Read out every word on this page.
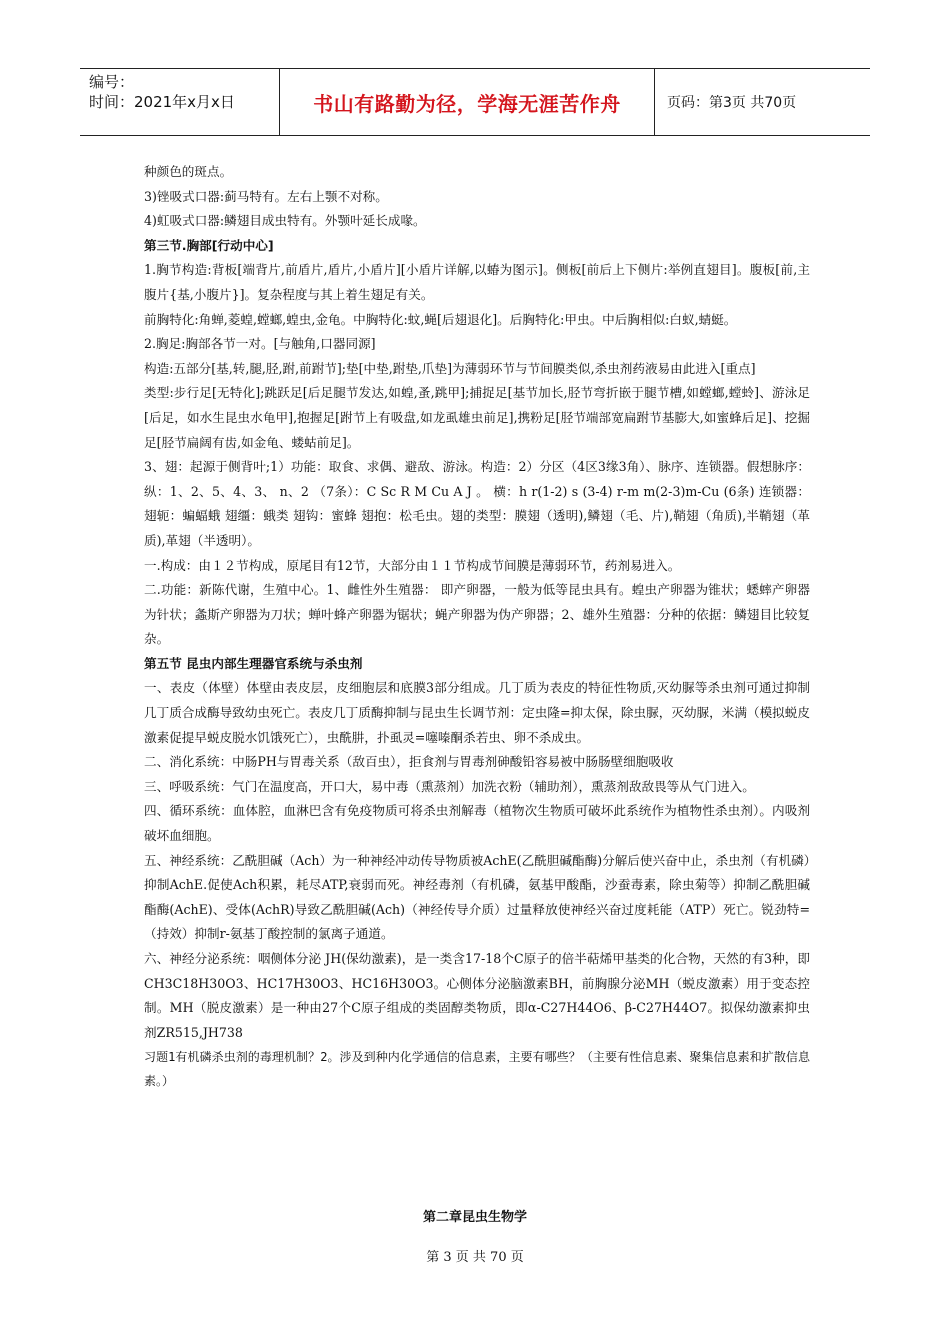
编号：
时间：2021年x月x日	书山有路勤为径，学海无涯苦作舟	页码：第3页 共70页

种颜色的斑点。

3)锉吸式口器:蓟马特有。左右上颚不对称。

4)虹吸式口器:鳞翅目成虫特有。外颚叶延长成喙。

第三节.胸部[行动中心]

1.胸节构造:背板[端背片,前盾片,盾片,小盾片][小盾片详解,以蝽为图示]。侧板[前后上下侧片:举例直翅目]。腹板[前,主腹片{基,小腹片}]。复杂程度与其上着生翅足有关。

前胸特化:角蝉,菱蝗,螳螂,蝗虫,金龟。中胸特化:蚊,蝇[后翅退化]。后胸特化:甲虫。中后胸相似:白蚁,蜻蜓。

2.胸足:胸部各节一对。[与触角,口器同源]

构造:五部分[基,转,腿,胫,跗,前跗节];垫[中垫,跗垫,爪垫]为薄弱环节与节间膜类似,杀虫剂药液易由此进入[重点]

类型:步行足[无特化];跳跃足[后足腿节发达,如蝗,蚤,跳甲];捕捉足[基节加长,胫节弯折嵌于腿节槽,如螳螂,螳蛉]、游泳足[后足，如水生昆虫水龟甲],抱握足[跗节上有吸盘,如龙虱雄虫前足],携粉足[胫节端部宽扁跗节基膨大,如蜜蜂后足]、挖掘足[胫节扁阔有齿,如金龟、蝼蛄前足]。

3、翅：起源于侧背叶;1）功能：取食、求偶、避敌、游泳。构造：2）分区（4区3缘3角）、脉序、连锁器。假想脉序：纵：1、2、5、4、3、 n、2 （7条）：C Sc R M Cu A J 。 横：h r(1-2) s (3-4) r-m m(2-3)m-Cu (6条) 连锁器： 翅轭：蝙蝠蛾 翅缰：蛾类 翅钩：蜜蜂 翅抱：松毛虫。翅的类型：膜翅（透明),鳞翅（毛、片),鞘翅（角质),半鞘翅（革质),革翅（半透明）。

一.构成：由１２节构成，原尾目有12节，大部分由１１节构成节间膜是薄弱环节，药剂易进入。

二.功能：新陈代谢，生殖中心。1、雌性外生殖器： 即产卵器，一般为低等昆虫具有。蝗虫产卵器为锥状；蟋蟀产卵器为针状；螽斯产卵器为刀状；蝉叶蜂产卵器为锯状；蝇产卵器为伪产卵器；2、雄外生殖器：分种的依据：鳞翅目比较复杂。

第五节 昆虫内部生理器官系统与杀虫剂

一、表皮（体壁）体壁由表皮层，皮细胞层和底膜3部分组成。几丁质为表皮的特征性物质,灭幼脲等杀虫剂可通过抑制几丁质合成酶导致幼虫死亡。表皮几丁质酶抑制与昆虫生长调节剂：定虫隆=抑太保，除虫脲，灭幼脲，米满（模拟蜕皮激素促提早蜕皮脱水饥饿死亡），虫酰肼，扑虱灵=噻嗪酮杀若虫、卵不杀成虫。

二、消化系统：中肠PH与胃毒关系（敌百虫），拒食剂与胃毒剂砷酸铅容易被中肠肠壁细胞吸收

三、呼吸系统：气门在温度高，开口大，易中毒（熏蒸剂）加洗衣粉（辅助剂），熏蒸剂敌敌畏等从气门进入。

四、循环系统：血体腔，血淋巴含有免疫物质可将杀虫剂解毒（植物次生物质可破坏此系统作为植物性杀虫剂）。内吸剂破坏血细胞。

五、神经系统：乙酰胆碱（Ach）为一种神经冲动传导物质被AchE(乙酰胆碱酯酶)分解后使兴奋中止，杀虫剂（有机磷）抑制AchE.促使Ach积累，耗尽ATP,衰弱而死。神经毒剂（有机磷，氨基甲酸酯，沙蚕毒素，除虫菊等）抑制乙酰胆碱酯酶(AchE)、受体(AchR)导致乙酰胆碱(Ach)（神经传导介质）过量释放使神经兴奋过度耗能（ATP）死亡。锐劲特=（持效）抑制r-氨基丁酸控制的氯离子通道。

六、神经分泌系统：咽侧体分泌 JH(保幼激素)，是一类含17-18个C原子的倍半萜烯甲基类的化合物，天然的有3种，即CH3C18H30O3、HC17H30O3、HC16H30O3。心侧体分泌脑激素BH，前胸腺分泌MH（蜕皮激素）用于变态控制。MH（脱皮激素）是一种由27个C原子组成的类固醇类物质，即α-C27H44O6、β-C27H44O7。拟保幼激素抑虫剂ZR515,JH738

习题1有机磷杀虫剂的毒理机制？2。涉及到种内化学通信的信息素，主要有哪些？（主要有性信息素、聚集信息素和扩散信息素。）

第二章昆虫生物学
第 3 页 共 70 页
